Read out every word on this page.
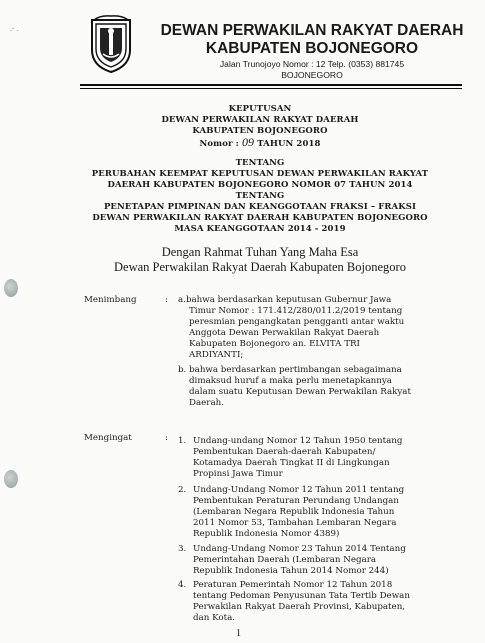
·ˇ ·	DEWAN PERWAKILAN RAKYAT DAERAH
KABUPATEN BOJONEGORO
Jalan Trunojoyo Nomor : 12 Telp. (0353) 881745
BOJONEGORO
KEPUTUSAN
DEWAN PERWAKILAN RAKYAT DAERAH
KABUPATEN BOJONEGORO
Nomor : 09 TAHUN 2018
TENTANG
PERUBAHAN KEEMPAT KEPUTUSAN DEWAN PERWAKILAN RAKYAT
DAERAH KABUPATEN BOJONEGORO NOMOR 07 TAHUN 2014
TENTANG
PENETAPAN PIMPINAN DAN KEANGGOTAAN FRAKSI – FRAKSI
DEWAN PERWAKILAN RAKYAT DAERAH KABUPATEN BOJONEGORO
MASA KEANGGOTAAN 2014 - 2019
Dengan Rahmat Tuhan Yang Maha Esa
Dewan Perwakilan Rakyat Daerah Kabupaten Bojonegoro
Menimbang	: a.bahwa berdasarkan keputusan Gubernur Jawa
Timur Nomor : 171.412/280/011.2/2019 tentang
peresmian pengangkatan pengganti antar waktu
Anggota Dewan Perwakilan Rakyat Daerah
Kabupaten Bojonegoro an. ELVITA TRI
ARDIYANTI;
b. bahwa berdasarkan pertimbangan sebagaimana
dimaksud huruf a maka perlu menetapkannya
dalam suatu Keputusan Dewan Perwakilan Rakyat
Daerah.
Mengingat	: 1. Undang-undang Nomor 12 Tahun 1950 tentang
Pembentukan Daerah-daerah Kabupaten/
Kotamadya Daerah Tingkat II di Lingkungan
Propinsi Jawa Timur
2. Undang-Undang Nomor 12 Tahun 2011 tentang
Pembentukan Peraturan Perundang Undangan
(Lembaran Negara Republik Indonesia Tahun
2011 Nomor 53, Tambahan Lembaran Negara
Republik Indonesia Nomor 4389)
3. Undang-Undang Nomor 23 Tahun 2014 Tentang
Pemerintahan Daerah (Lembaran Negara
Republik Indonesia Tahun 2014 Nomor 244)
4. Peraturan Pemerintah Nomor 12 Tahun 2018
tentang Pedoman Penyusunan Tata Tertib Dewan
Perwakilan Rakyat Daerah Provinsi, Kabupaten,
dan Kota.
1
